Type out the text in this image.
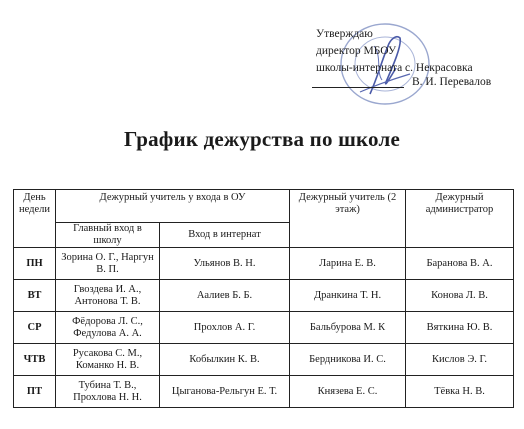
Утверждаю
директор МБОУ
школы-интерната с. Некрасовка
В. И. Перевалов
График дежурства по школе
День недели	Дежурный учитель у входа в ОУ		Дежурный учитель (2 этаж)	Дежурный администратор
	Главный вход в школу	Вход в интернат		
ПН	Зорина О. Г., Наргун В. П.	Ульянов В. Н.	Ларина Е. В.	Баранова В. А.
ВТ	Гвоздева И. А., Антонова Т. В.	Аалиев Б. Б.	Дранкина Т. Н.	Конова Л. В.
СР	Фёдорова Л. С., Федулова А. А.	Прохлов А. Г.	Бальбурова М. К	Вяткина Ю. В.
ЧТВ	Русакова С. М., Команко Н. В.	Кобылкин К. В.	Бердникова И. С.	Кислов Э. Г.
ПТ	Тубина Т. В., Прохлова Н. Н.	Цыганова-Рельгун Е. Т.	Князева Е. С.	Тёвка Н. В.
